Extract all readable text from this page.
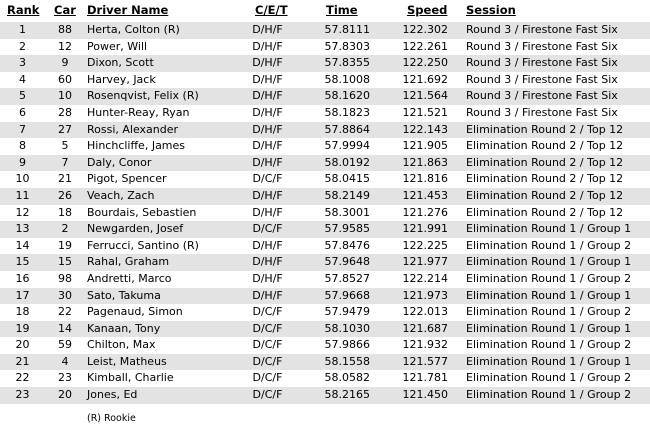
Rank Car Driver Name	C/E/T	Time	Speed Session
1	88	Herta, Colton (R)	D/H/F	57.8111	122.302 Round 3 / Firestone Fast Six
2	12	Power, Will	D/H/F	57.8303	122.261 Round 3 / Firestone Fast Six
3	9	Dixon, Scott	D/H/F	57.8355	122.250 Round 3 / Firestone Fast Six
4	60	Harvey, Jack	D/H/F	58.1008	121.692 Round 3 / Firestone Fast Six
5	10	Rosenqvist, Felix (R)	D/H/F	58.1620	121.564 Round 3 / Firestone Fast Six
6	28	Hunter-Reay, Ryan	D/H/F	58.1823	121.521 Round 3 / Firestone Fast Six
7	27	Rossi, Alexander	D/H/F	57.8864	122.143 Elimination Round 2 / Top 12
8	5	Hinchcliffe, James	D/H/F	57.9994	121.905 Elimination Round 2 / Top 12
9	7	Daly, Conor	D/H/F	58.0192	121.863 Elimination Round 2 / Top 12
10	21	Pigot, Spencer	D/C/F	58.0415	121.816 Elimination Round 2 / Top 12
11	26	Veach, Zach	D/H/F	58.2149	121.453 Elimination Round 2 / Top 12
12	18	Bourdais, Sebastien	D/H/F	58.3001	121.276 Elimination Round 2 / Top 12
13	2	Newgarden, Josef	D/C/F	57.9585	121.991 Elimination Round 1 / Group 1
14	19	Ferrucci, Santino (R)	D/H/F	57.8476	122.225 Elimination Round 1 / Group 2
15	15	Rahal, Graham	D/H/F	57.9648	121.977 Elimination Round 1 / Group 1
16	98	Andretti, Marco	D/H/F	57.8527	122.214 Elimination Round 1 / Group 2
17	30	Sato, Takuma	D/H/F	57.9668	121.973 Elimination Round 1 / Group 1
18	22	Pagenaud, Simon	D/C/F	57.9479	122.013 Elimination Round 1 / Group 2
19	14	Kanaan, Tony	D/C/F	58.1030	121.687 Elimination Round 1 / Group 1
20	59	Chilton, Max	D/C/F	57.9866	121.932 Elimination Round 1 / Group 2
21	4	Leist, Matheus	D/C/F	58.1558	121.577 Elimination Round 1 / Group 1
22	23	Kimball, Charlie	D/C/F	58.0582	121.781 Elimination Round 1 / Group 2
23	20	Jones, Ed	D/C/F	58.2165	121.450 Elimination Round 1 / Group 2
(R) Rookie
